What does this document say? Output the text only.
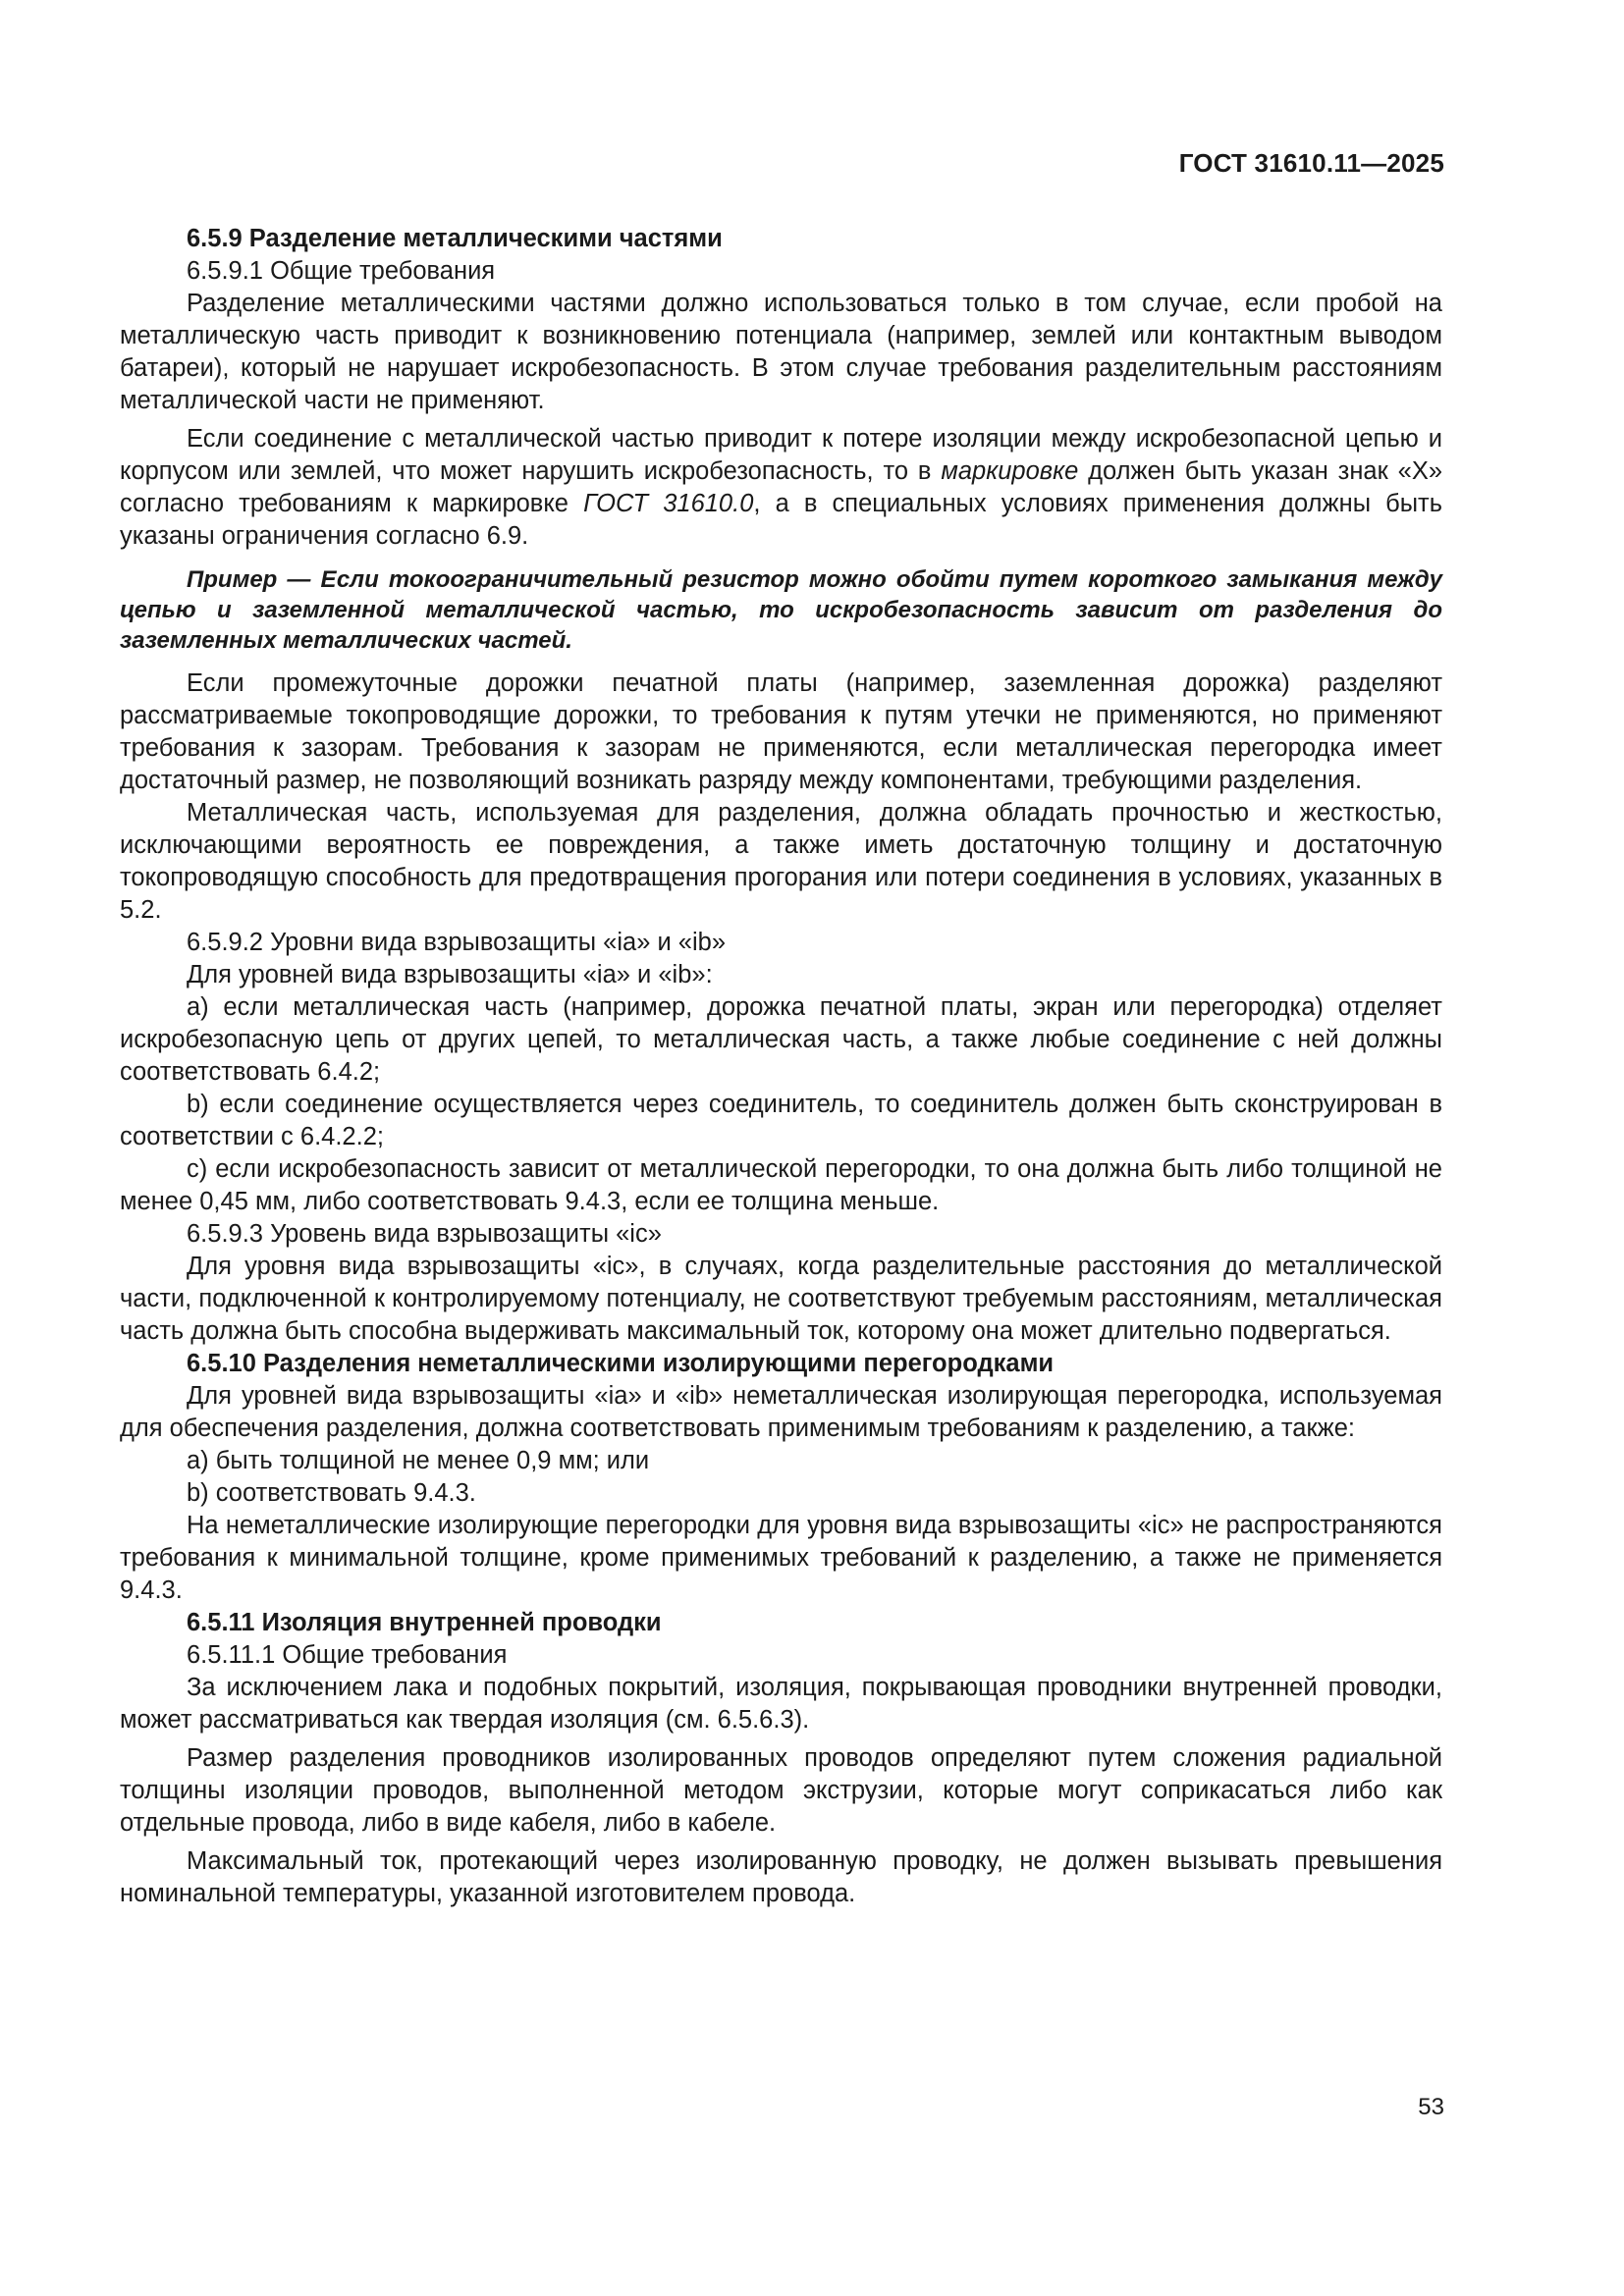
ГОСТ 31610.11—2025

6.5.9 Разделение металлическими частями

6.5.9.1 Общие требования

Разделение металлическими частями должно использоваться только в том случае, если пробой на металлическую часть приводит к возникновению потенциала (например, землей или контактным выводом батареи), который не нарушает искробезопасность. В этом случае требования разделительным расстояниям металлической части не применяют.

Если соединение с металлической частью приводит к потере изоляции между искробезопасной цепью и корпусом или землей, что может нарушить искробезопасность, то в маркировке должен быть указан знак «X» согласно требованиям к маркировке ГОСТ 31610.0, а в специальных условиях применения должны быть указаны ограничения согласно 6.9.

Пример — Если токоограничительный резистор можно обойти путем короткого замыкания между цепью и заземленной металлической частью, то искробезопасность зависит от разделения до заземленных металлических частей.

Если промежуточные дорожки печатной платы (например, заземленная дорожка) разделяют рассматриваемые токопроводящие дорожки, то требования к путям утечки не применяются, но применяют требования к зазорам. Требования к зазорам не применяются, если металлическая перегородка имеет достаточный размер, не позволяющий возникать разряду между компонентами, требующими разделения.

Металлическая часть, используемая для разделения, должна обладать прочностью и жесткостью, исключающими вероятность ее повреждения, а также иметь достаточную толщину и достаточную токопроводящую способность для предотвращения прогорания или потери соединения в условиях, указанных в 5.2.

6.5.9.2 Уровни вида взрывозащиты «ia» и «ib»

Для уровней вида взрывозащиты «ia» и «ib»:

a) если металлическая часть (например, дорожка печатной платы, экран или перегородка) отделяет искробезопасную цепь от других цепей, то металлическая часть, а также любые соединение с ней должны соответствовать 6.4.2;

b) если соединение осуществляется через соединитель, то соединитель должен быть сконструирован в соответствии с 6.4.2.2;

c) если искробезопасность зависит от металлической перегородки, то она должна быть либо толщиной не менее 0,45 мм, либо соответствовать 9.4.3, если ее толщина меньше.

6.5.9.3 Уровень вида взрывозащиты «ic»

Для уровня вида взрывозащиты «ic», в случаях, когда разделительные расстояния до металлической части, подключенной к контролируемому потенциалу, не соответствуют требуемым расстояниям, металлическая часть должна быть способна выдерживать максимальный ток, которому она может длительно подвергаться.

6.5.10 Разделения неметаллическими изолирующими перегородками

Для уровней вида взрывозащиты «ia» и «ib» неметаллическая изолирующая перегородка, используемая для обеспечения разделения, должна соответствовать применимым требованиям к разделению, а также:

a) быть толщиной не менее 0,9 мм; или

b) соответствовать 9.4.3.

На неметаллические изолирующие перегородки для уровня вида взрывозащиты «ic» не распространяются требования к минимальной толщине, кроме применимых требований к разделению, а также не применяется 9.4.3.

6.5.11 Изоляция внутренней проводки

6.5.11.1 Общие требования

За исключением лака и подобных покрытий, изоляция, покрывающая проводники внутренней проводки, может рассматриваться как твердая изоляция (см. 6.5.6.3).

Размер разделения проводников изолированных проводов определяют путем сложения радиальной толщины изоляции проводов, выполненной методом экструзии, которые могут соприкасаться либо как отдельные провода, либо в виде кабеля, либо в кабеле.

Максимальный ток, протекающий через изолированную проводку, не должен вызывать превышения номинальной температуры, указанной изготовителем провода.

53
